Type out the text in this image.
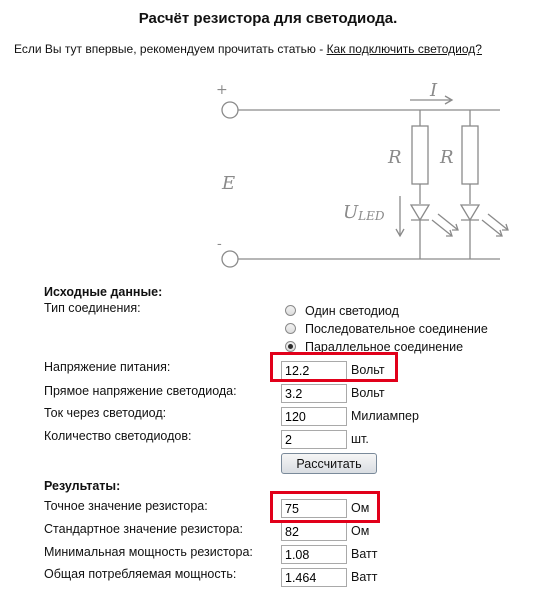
Расчёт резистора для светодиода.
Если Вы тут впервые, рекомендуем прочитать статью - Как подключить светодиод?
+
-
I
E
R R
ULED
Исходные данные:
Тип соединения:	Один светодиод
Последовательное соединение
Параллельное соединение
Напряжение питания:
12.2	Вольт
Прямое напряжение светодиода:
3.2	Вольт
Ток через светодиод:
120	Милиампер
Количество светодиодов:
2	шт.
Рассчитать
Результаты:
Точное значение резистора:
75	Ом
Стандартное значение резистора:
82	Ом
Минимальная мощность резистора:
1.08	Ватт
Общая потребляемая мощность:
1.464	Ватт
